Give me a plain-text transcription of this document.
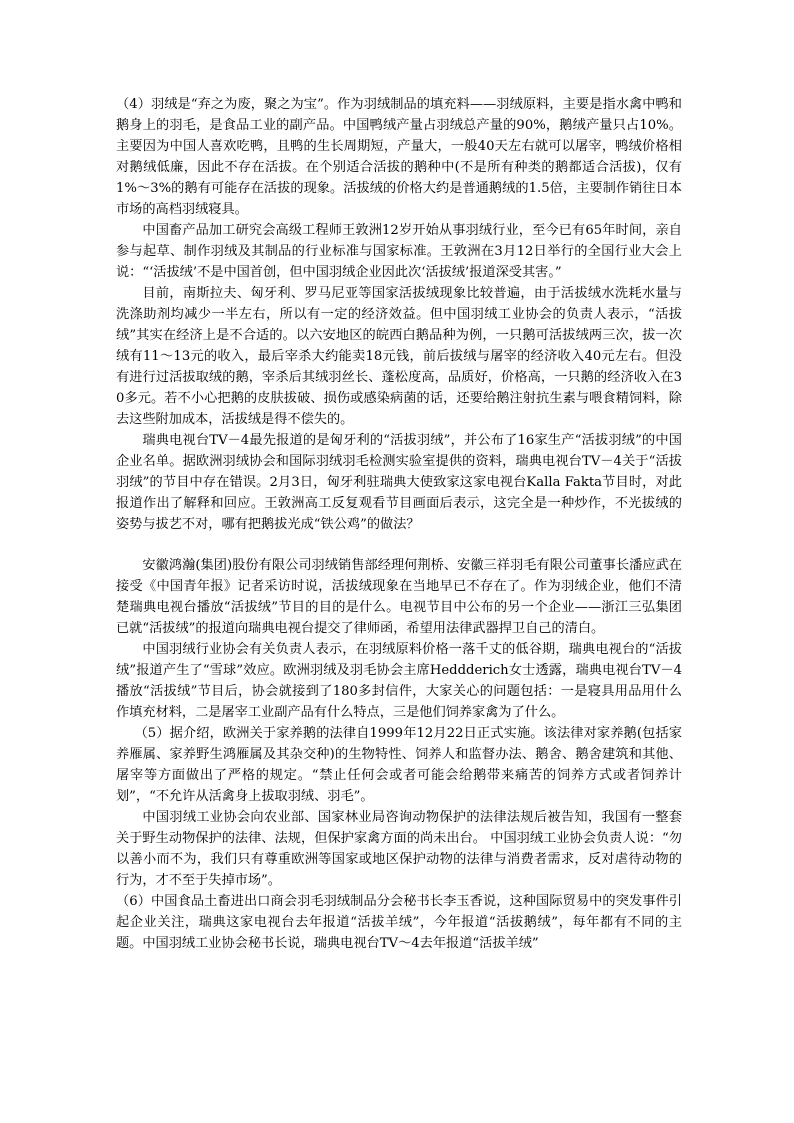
（4）羽绒是“弃之为废，聚之为宝”。作为羽绒制品的填充料——羽绒原料，主要是指水禽中鸭和鹅身上的羽毛，是食品工业的副产品。中国鸭绒产量占羽绒总产量的90%，鹅绒产量只占10%。主要因为中国人喜欢吃鸭，且鸭的生长周期短，产量大，一般40天左右就可以屠宰，鸭绒价格相对鹅绒低廉，因此不存在活拔。在个别适合活拔的鹅种中(不是所有种类的鹅都适合活拔)，仅有1%～3%的鹅有可能存在活拔的现象。活拔绒的价格大约是普通鹅绒的1.5倍，主要制作销往日本市场的高档羽绒寝具。

中国畜产品加工研究会高级工程师王敦洲12岁开始从事羽绒行业，至今已有65年时间，亲自参与起草、制作羽绒及其制品的行业标准与国家标准。王敦洲在3月12日举行的全国行业大会上说：“‘活拔绒’不是中国首创，但中国羽绒企业因此次‘活拔绒’报道深受其害。”

目前，南斯拉夫、匈牙利、罗马尼亚等国家活拔绒现象比较普遍，由于活拔绒水洗耗水量与洗涤助剂均减少一半左右，所以有一定的经济效益。但中国羽绒工业协会的负责人表示，“活拔绒”其实在经济上是不合适的。以六安地区的皖西白鹅品种为例，一只鹅可活拔绒两三次，拔一次绒有11～13元的收入，最后宰杀大约能卖18元钱，前后拔绒与屠宰的经济收入40元左右。但没有进行过活拔取绒的鹅，宰杀后其绒羽丝长、蓬松度高，品质好，价格高，一只鹅的经济收入在30多元。若不小心把鹅的皮肤拔破、损伤或感染病菌的话，还要给鹅注射抗生素与喂食精饲料，除去这些附加成本，活拔绒是得不偿失的。

瑞典电视台TV－4最先报道的是匈牙利的“活拔羽绒”，并公布了16家生产“活拔羽绒”的中国企业名单。据欧洲羽绒协会和国际羽绒羽毛检测实验室提供的资料，瑞典电视台TV－4关于“活拔羽绒”的节目中存在错误。2月3日，匈牙利驻瑞典大使致家这家电视台Kalla Fakta节目时，对此报道作出了解释和回应。王敦洲高工反复观看节目画面后表示，这完全是一种炒作，不光拔绒的姿势与拔艺不对，哪有把鹅拔光成“铁公鸡”的做法？

安徽鸿瀚(集团)股份有限公司羽绒销售部经理何荆桥、安徽三祥羽毛有限公司董事长潘应武在接受《中国青年报》记者采访时说，活拔绒现象在当地早已不存在了。作为羽绒企业，他们不清楚瑞典电视台播放“活拔绒”节目的目的是什么。电视节目中公布的另一个企业——浙江三弘集团已就“活拔绒”的报道向瑞典电视台提交了律师函，希望用法律武器捍卫自己的清白。

中国羽绒行业协会有关负责人表示，在羽绒原料价格一落千丈的低谷期，瑞典电视台的“活拔绒”报道产生了“雪球”效应。欧洲羽绒及羽毛协会主席Heddderich女士透露，瑞典电视台TV－4播放“活拔绒”节目后，协会就接到了180多封信件，大家关心的问题包括：一是寝具用品用什么作填充材料，二是屠宰工业副产品有什么特点，三是他们饲养家禽为了什么。

（5）据介绍，欧洲关于家养鹅的法律自1999年12月22日正式实施。该法律对家养鹅(包括家养雁属、家养野生鸿雁属及其杂交种)的生物特性、饲养人和监督办法、鹅舍、鹅舍建筑和其他、屠宰等方面做出了严格的规定。“禁止任何会或者可能会给鹅带来痛苦的饲养方式或者饲养计划”，“不允许从活禽身上拔取羽绒、羽毛”。

中国羽绒工业协会向农业部、国家林业局咨询动物保护的法律法规后被告知，我国有一整套关于野生动物保护的法律、法规，但保护家禽方面的尚未出台。 中国羽绒工业协会负责人说：“勿以善小而不为，我们只有尊重欧洲等国家或地区保护动物的法律与消费者需求，反对虐待动物的行为，才不至于失掉市场”。

（6）中国食品土畜进出口商会羽毛羽绒制品分会秘书长李玉香说，这种国际贸易中的突发事件引起企业关注，瑞典这家电视台去年报道“活拔羊绒”，今年报道“活拔鹅绒”，每年都有不同的主题。中国羽绒工业协会秘书长说，瑞典电视台TV～4去年报道“活拔羊绒”
